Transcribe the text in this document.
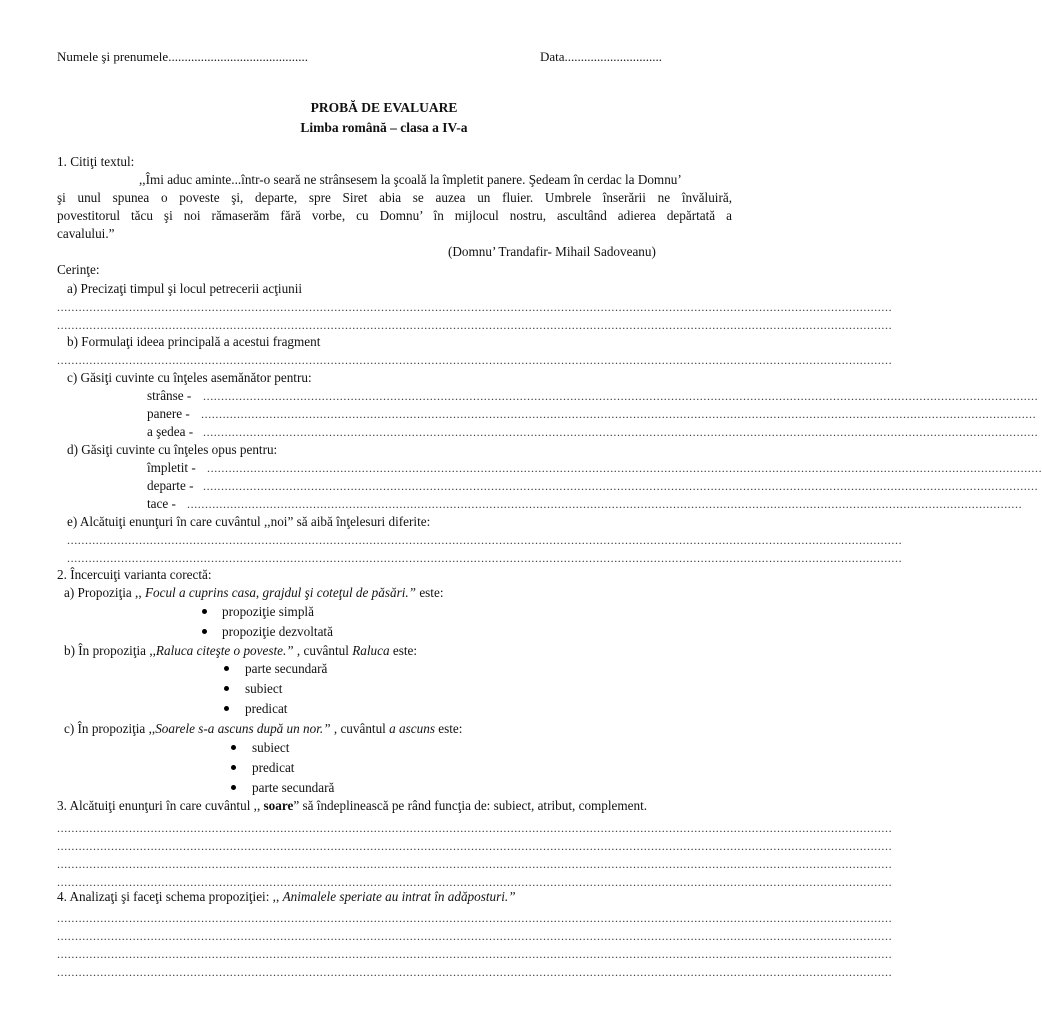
Numele şi prenumele...........................................	Data..............................
PROBĂ DE EVALUARE
Limba română – clasa a IV-a
1. Citiţi textul:
,,Îmi aduc aminte...într-o seară ne strânsesem la şcoală la împletit panere. Şedeam în cerdac la Domnu’
şi unul spunea o poveste şi, departe, spre Siret abia se auzea un fluier. Umbrele înserării ne învăluiră,
povestitorul tăcu şi noi rămaserăm fără vorbe, cu Domnu’ în mijlocul nostru, ascultând adierea depărtată a
cavalului.”
(Domnu’ Trandafir- Mihail Sadoveanu)
Cerinţe:
a) Precizaţi timpul şi locul petrecerii acţiunii
........................................................................................................................................................................................................................................
........................................................................................................................................................................................................................................
b) Formulaţi ideea principală a acestui fragment
........................................................................................................................................................................................................................................
c) Găsiţi cuvinte cu înţeles asemănător pentru:
strânse - ........................................................................................................................................................................................................................................
panere - ........................................................................................................................................................................................................................................
a şedea - ........................................................................................................................................................................................................................................
d) Găsiţi cuvinte cu înţeles opus pentru:
împletit - ........................................................................................................................................................................................................................................
departe - ........................................................................................................................................................................................................................................
tace - ........................................................................................................................................................................................................................................
e) Alcătuiţi enunţuri în care cuvântul ,,noi” să aibă înţelesuri diferite:
........................................................................................................................................................................................................................................
........................................................................................................................................................................................................................................
2. Încercuiţi varianta corectă:
a) Propoziţia ,, Focul a cuprins casa, grajdul şi coteţul de păsări.” este:
propoziţie simplă
propoziţie dezvoltată
b) În propoziţia ,,Raluca citeşte o poveste.” , cuvântul Raluca este:
parte secundară
subiect
predicat
c) În propoziţia ,,Soarele s-a ascuns după un nor.” , cuvântul a ascuns este:
subiect
predicat
parte secundară
3. Alcătuiţi enunţuri în care cuvântul ,, soare” să îndeplinească pe rând funcţia de: subiect, atribut, complement.
........................................................................................................................................................................................................................................
........................................................................................................................................................................................................................................
........................................................................................................................................................................................................................................
........................................................................................................................................................................................................................................
4. Analizaţi şi faceţi schema propoziţiei: ,, Animalele speriate au intrat în adăposturi.”
........................................................................................................................................................................................................................................
........................................................................................................................................................................................................................................
........................................................................................................................................................................................................................................
........................................................................................................................................................................................................................................
